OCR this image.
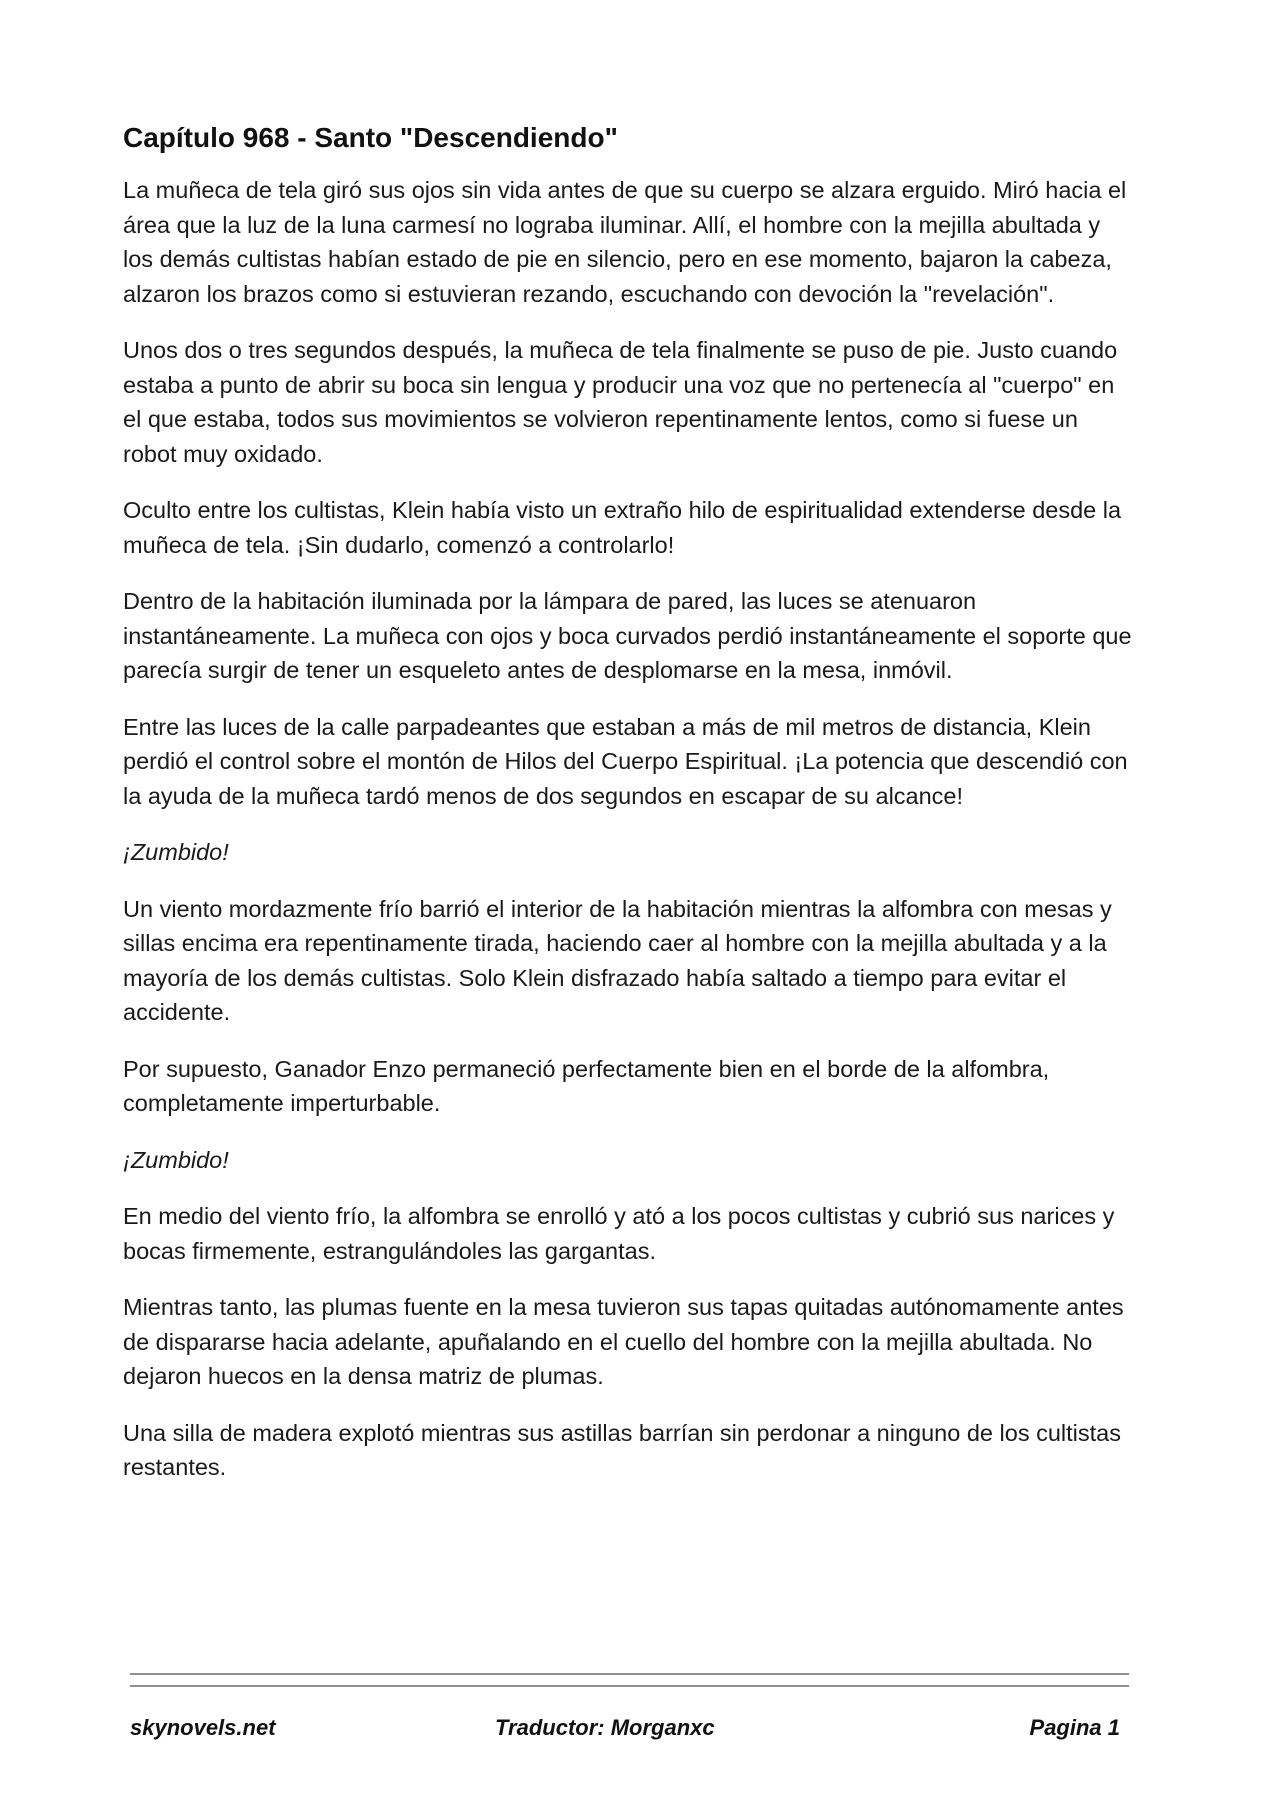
Capítulo 968 - Santo "Descendiendo"

La muñeca de tela giró sus ojos sin vida antes de que su cuerpo se alzara erguido. Miró hacia el área que la luz de la luna carmesí no lograba iluminar. Allí, el hombre con la mejilla abultada y los demás cultistas habían estado de pie en silencio, pero en ese momento, bajaron la cabeza, alzaron los brazos como si estuvieran rezando, escuchando con devoción la "revelación".

Unos dos o tres segundos después, la muñeca de tela finalmente se puso de pie. Justo cuando estaba a punto de abrir su boca sin lengua y producir una voz que no pertenecía al "cuerpo" en el que estaba, todos sus movimientos se volvieron repentinamente lentos, como si fuese un robot muy oxidado.

Oculto entre los cultistas, Klein había visto un extraño hilo de espiritualidad extenderse desde la muñeca de tela. ¡Sin dudarlo, comenzó a controlarlo!

Dentro de la habitación iluminada por la lámpara de pared, las luces se atenuaron instantáneamente. La muñeca con ojos y boca curvados perdió instantáneamente el soporte que parecía surgir de tener un esqueleto antes de desplomarse en la mesa, inmóvil.

Entre las luces de la calle parpadeantes que estaban a más de mil metros de distancia, Klein perdió el control sobre el montón de Hilos del Cuerpo Espiritual. ¡La potencia que descendió con la ayuda de la muñeca tardó menos de dos segundos en escapar de su alcance!

¡Zumbido!

Un viento mordazmente frío barrió el interior de la habitación mientras la alfombra con mesas y sillas encima era repentinamente tirada, haciendo caer al hombre con la mejilla abultada y a la mayoría de los demás cultistas. Solo Klein disfrazado había saltado a tiempo para evitar el accidente.

Por supuesto, Ganador Enzo permaneció perfectamente bien en el borde de la alfombra, completamente imperturbable.

¡Zumbido!

En medio del viento frío, la alfombra se enrolló y ató a los pocos cultistas y cubrió sus narices y bocas firmemente, estrangulándoles las gargantas.

Mientras tanto, las plumas fuente en la mesa tuvieron sus tapas quitadas autónomamente antes de dispararse hacia adelante, apuñalando en el cuello del hombre con la mejilla abultada. No dejaron huecos en la densa matriz de plumas.

Una silla de madera explotó mientras sus astillas barrían sin perdonar a ninguno de los cultistas restantes.

skynovels.net	Traductor: Morganxc	Pagina 1
